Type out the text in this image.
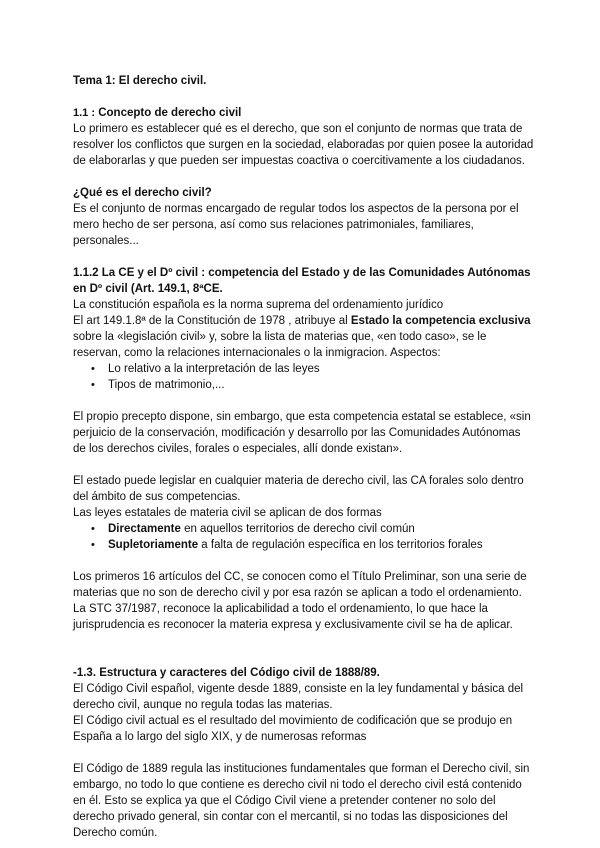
Tema 1: El derecho civil.

1.1 : Concepto de derecho civil

Lo primero es establecer qué es el derecho, que son el conjunto de normas que trata de resolver los conflictos que surgen en la sociedad, elaboradas por quien posee la autoridad de elaborarlas y que pueden ser impuestas coactiva o coercitivamente a los ciudadanos.

¿Qué es el derecho civil?

Es el conjunto de normas encargado de regular todos los aspectos de la persona por el mero hecho de ser persona, así como sus relaciones patrimoniales, familiares, personales...

1.1.2 La CE y el Dº civil : competencia del Estado y de las Comunidades Autónomas en Dº civil (Art. 149.1, 8ªCE.

La constitución española es la norma suprema del ordenamiento jurídico

El art 149.1.8ª de la Constitución de 1978 , atribuye al Estado la competencia exclusiva sobre la «legislación civil» y, sobre la lista de materias que, «en todo caso», se le reservan, como la relaciones internacionales o la inmigracion. Aspectos:

• Lo relativo a la interpretación de las leyes
• Tipos de matrimonio,...

El propio precepto dispone, sin embargo, que esta competencia estatal se establece, «sin perjuicio de la conservación, modificación y desarrollo por las Comunidades Autónomas de los derechos civiles, forales o especiales, allí donde existan».

El estado puede legislar en cualquier materia de derecho civil, las CA forales solo dentro del ámbito de sus competencias.

Las leyes estatales de materia civil se aplican de dos formas

• Directamente en aquellos territorios de derecho civil común
• Supletoriamente a falta de regulación específica en los territorios forales

Los primeros 16 artículos del CC, se conocen como el Título Preliminar, son una serie de materias que no son de derecho civil y por esa razón se aplican a todo el ordenamiento. La STC 37/1987, reconoce la aplicabilidad a todo el ordenamiento, lo que hace la jurisprudencia es reconocer la materia expresa y exclusivamente civil se ha de aplicar.

-1.3. Estructura y caracteres del Código civil de 1888/89.

El Código Civil español, vigente desde 1889, consiste en la ley fundamental y básica del derecho civil, aunque no regula todas las materias.

El Código civil actual es el resultado del movimiento de codificación que se produjo en España a lo largo del siglo XIX, y de numerosas reformas

El Código de 1889 regula las instituciones fundamentales que forman el Derecho civil, sin embargo, no todo lo que contiene es derecho civil ni todo el derecho civil está contenido en él. Esto se explica ya que el Código Civil viene a pretender contener no solo del derecho privado general, sin contar con el mercantil, si no todas las disposiciones del Derecho común.
